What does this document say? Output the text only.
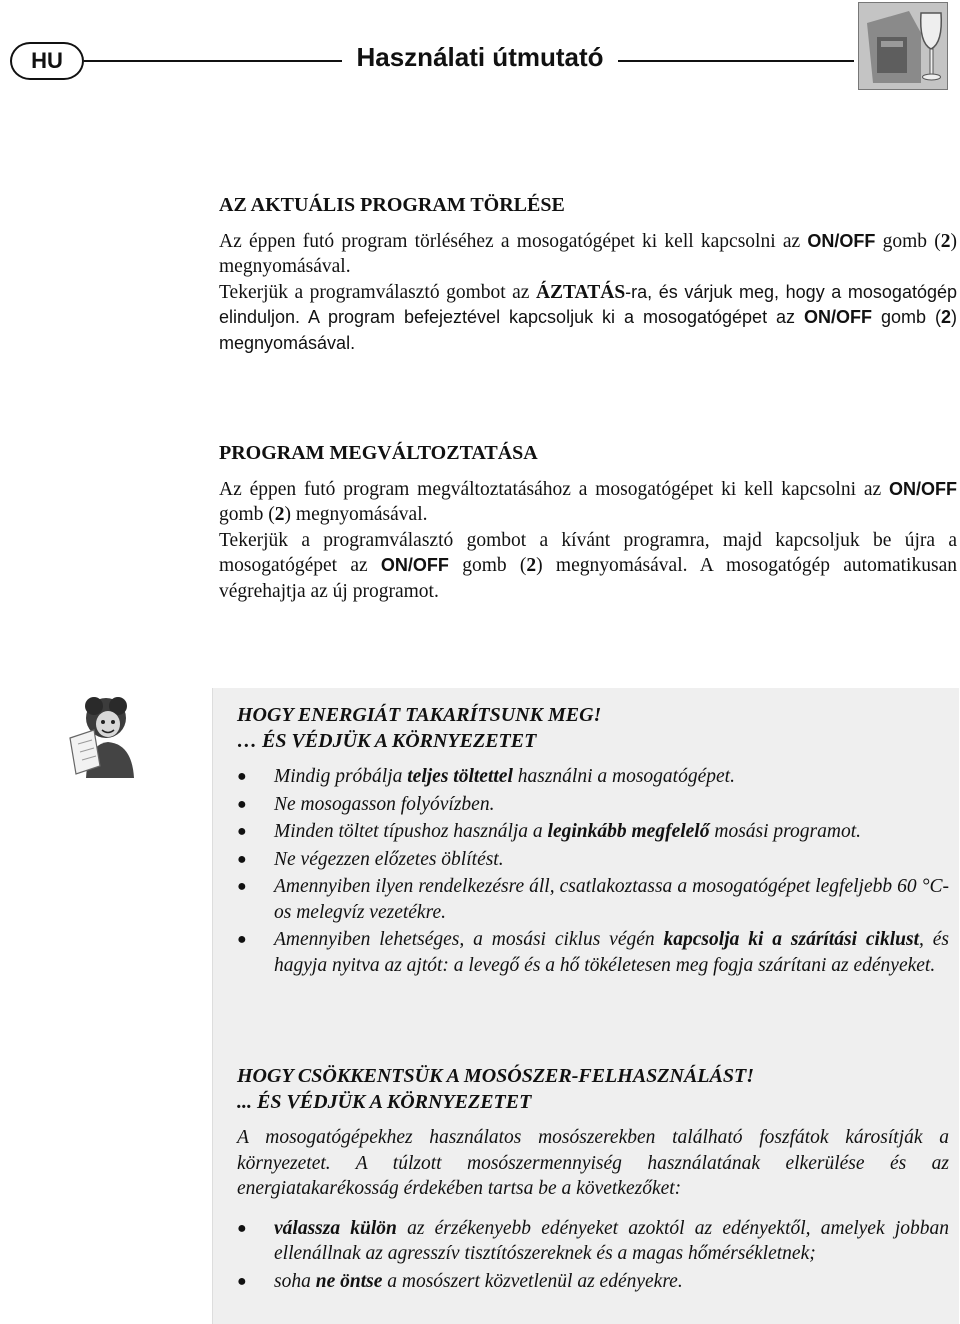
HU	Használati útmutató
AZ AKTUÁLIS PROGRAM TÖRLÉSE

Az éppen futó program törléséhez a mosogatógépet ki kell kapcsolni az ON/OFF gomb (2) megnyomásával.

Tekerjük a programválasztó gombot az ÁZTATÁS-ra, és várjuk meg, hogy a mosogatógép elinduljon. A program befejeztével kapcsoljuk ki a mosogatógépet az ON/OFF gomb (2) megnyomásával.

PROGRAM MEGVÁLTOZTATÁSA

Az éppen futó program megváltoztatásához a mosogatógépet ki kell kapcsolni az ON/OFF gomb (2) megnyomásával.

Tekerjük a programválasztó gombot a kívánt programra, majd kapcsoljuk be újra a mosogatógépet az ON/OFF gomb (2) megnyomásával. A mosogatógép automatikusan végrehajtja az új programot.

HOGY ENERGIÁT TAKARÍTSUNK MEG!
… ÉS VÉDJÜK A KÖRNYEZETET
● Mindig próbálja teljes töltettel használni a mosogatógépet.
● Ne mosogasson folyóvízben.
● Minden töltet típushoz használja a leginkább megfelelő mosási programot.
● Ne végezzen előzetes öblítést.
● Amennyiben ilyen rendelkezésre áll, csatlakoztassa a mosogatógépet legfeljebb 60 °C-os melegvíz vezetékre.
● Amennyiben lehetséges, a mosási ciklus végén kapcsolja ki a szárítási ciklust, és hagyja nyitva az ajtót: a levegő és a hő tökéletesen meg fogja szárítani az edényeket.
HOGY CSÖKKENTSÜK A MOSÓSZER-FELHASZNÁLÁST!
... ÉS VÉDJÜK A KÖRNYEZETET

A mosogatógépekhez használatos mosószerekben található foszfátok károsítják a környezetet. A túlzott mosószermennyiség használatának elkerülése és az energiatakarékosság érdekében tartsa be a következőket:

● válassza külön az érzékenyebb edényeket azoktól az edényektől, amelyek jobban ellenállnak az agresszív tisztítószereknek és a magas hőmérsékletnek;
● soha ne öntse a mosószert közvetlenül az edényekre.
